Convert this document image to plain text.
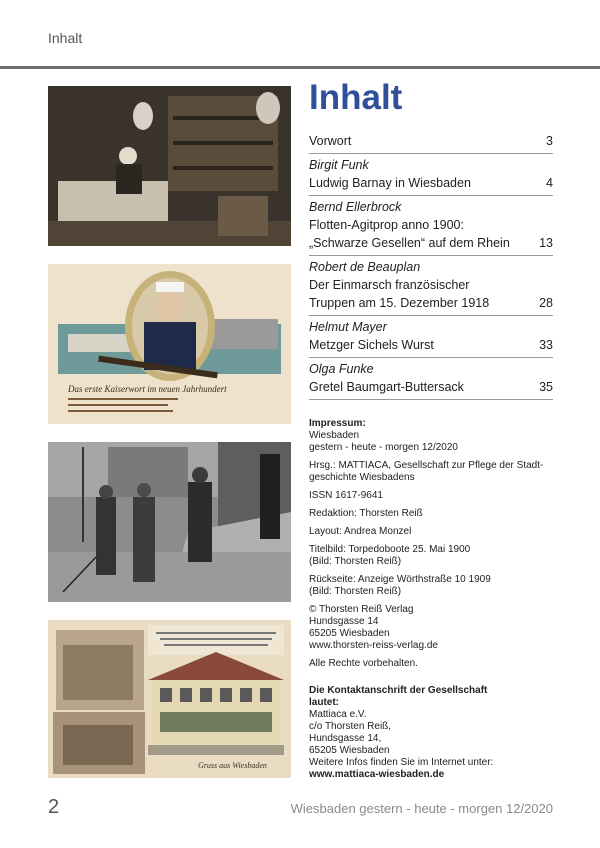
Inhalt
Das erste Kaiserwort im neuen Jahrhundert
Gruss aus Wiesbaden
Inhalt
Vorwort	3
Birgit Funk
Ludwig Barnay in Wiesbaden	4
Bernd Ellerbrock
Flotten-Agitprop anno 1900:
„Schwarze Gesellen“ auf dem Rhein 13
Robert de Beauplan
Der Einmarsch französischer
Truppen am 15. Dezember 1918	28
Helmut Mayer
Metzger Sichels Wurst	33
Olga Funke
Gretel Baumgart-Buttersack	35

Impressum:

Wiesbaden
gestern - heute - morgen 12/2020

Hrsg.: MATTIACA, Gesellschaft zur Pflege der Stadt-
geschichte Wiesbadens

ISSN 1617-9641

Redaktion: Thorsten Reiß

Layout: Andrea Monzel

Titelbild: Torpedoboote 25. Mai 1900
(Bild: Thorsten Reiß)

Rückseite: Anzeige Wörthstraße 10 1909
(Bild: Thorsten Reiß)

© Thorsten Reiß Verlag
Hundsgasse 14
65205 Wiesbaden
www.thorsten-reiss-verlag.de

Alle Rechte vorbehalten.

Die Kontaktanschrift der Gesellschaft
lautet:

Mattiaca e.V.

c/o Thorsten Reiß,

Hundsgasse 14,

65205 Wiesbaden

Weitere Infos finden Sie im Internet unter:

www.mattiaca-wiesbaden.de

2	Wiesbaden gestern - heute - morgen 12/2020
